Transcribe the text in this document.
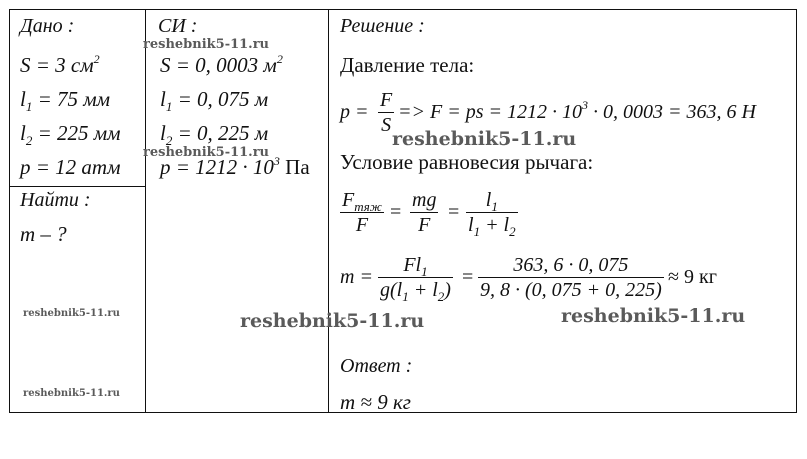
Дано :
S = 3 $см^2$
$l_1 = 75$ мм
$l_2 = 225$ мм
p = 12 атм
Найти :
m – ?
СИ :
S = 0, 0003 $м^2$
$l_1 = 0$, 075 м
$l_2 = 0$, 225 м
$p = 1212 \cdot 10^3$ Па
Решение :
Давление тела:
p =
F
S
=> F = ps = $1212 \cdot 10^3 \cdot 0$, 0003 = 363, 6 Н
Условие равновесия рычага:
$F_{тяж}$
F
=
mg
F
=
$l_1$
$l_1 + l_2$
m =
$Fl_1$
$g(l_1 + l_2)$
=
363, 6 · 0, 075
9, 8 · (0, 075 + 0, 225)
≈ 9 кг
Ответ :
m ≈ 9 кг
reshebnik5-11.ru
reshebnik5-11.ru
reshebnik5-11.ru
reshebnik5-11.ru	reshebnik5-11.ru
reshebnik5-11.ru
reshebnik5-11.ru
